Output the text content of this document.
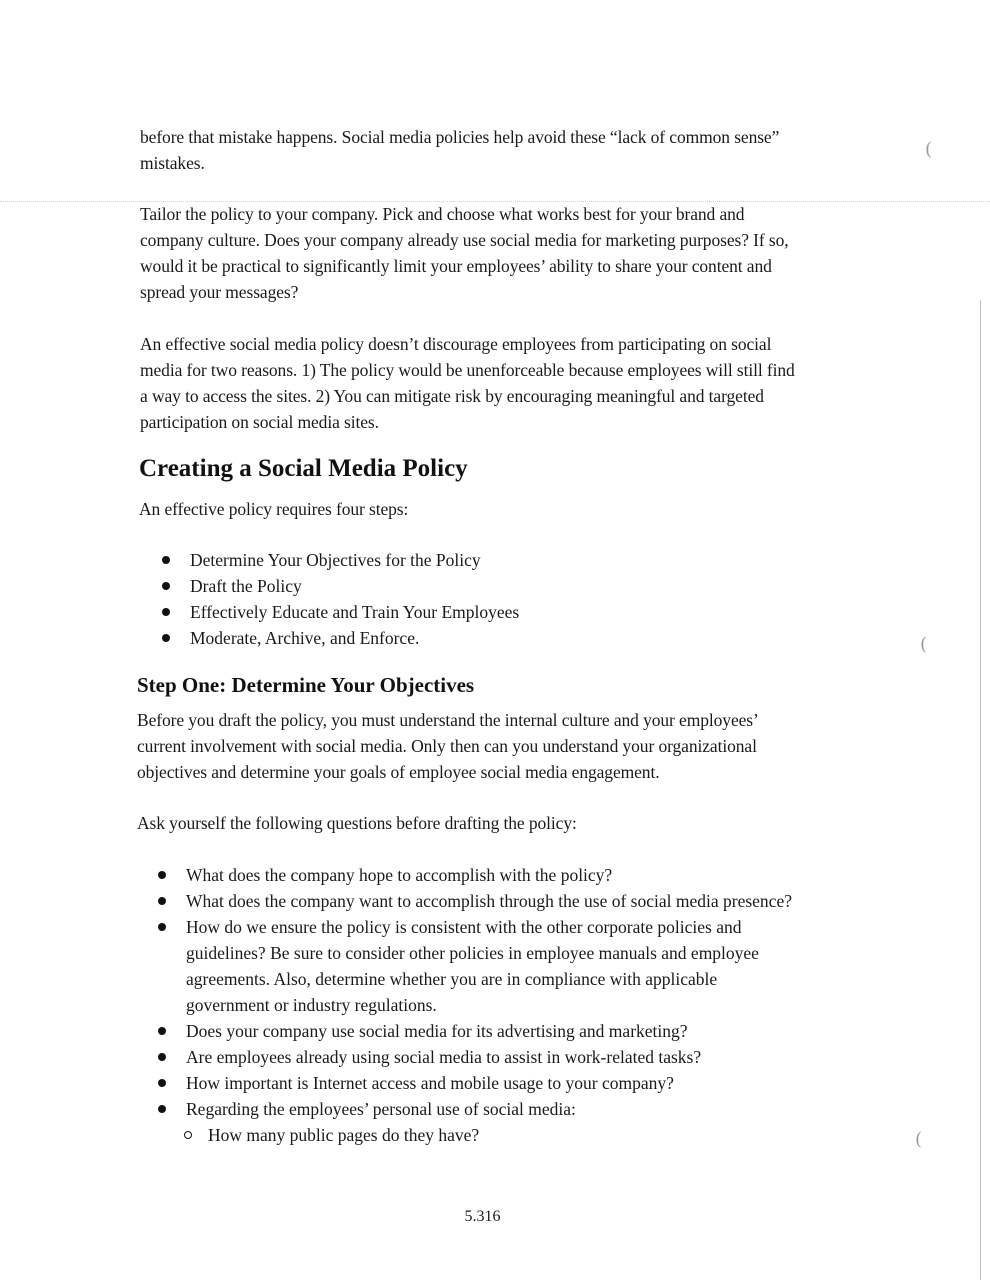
before that mistake happens. Social media policies help avoid these “lack of common sense”
mistakes.

Tailor the policy to your company. Pick and choose what works best for your brand and
company culture. Does your company already use social media for marketing purposes? If so,
would it be practical to significantly limit your employees’ ability to share your content and
spread your messages?

An effective social media policy doesn’t discourage employees from participating on social
media for two reasons. 1) The policy would be unenforceable because employees will still find
a way to access the sites. 2) You can mitigate risk by encouraging meaningful and targeted
participation on social media sites.

Creating a Social Media Policy

An effective policy requires four steps:

Determine Your Objectives for the Policy
Draft the Policy
Effectively Educate and Train Your Employees
Moderate, Archive, and Enforce.
Step One: Determine Your Objectives

Before you draft the policy, you must understand the internal culture and your employees’
current involvement with social media. Only then can you understand your organizational
objectives and determine your goals of employee social media engagement.

Ask yourself the following questions before drafting the policy:

What does the company hope to accomplish with the policy?
What does the company want to accomplish through the use of social media presence?
How do we ensure the policy is consistent with the other corporate policies and
guidelines? Be sure to consider other policies in employee manuals and employee
agreements. Also, determine whether you are in compliance with applicable
government or industry regulations.
Does your company use social media for its advertising and marketing?
Are employees already using social media to assist in work-related tasks?
How important is Internet access and mobile usage to your company?
Regarding the employees’ personal use of social media:
How many public pages do they have?
(
(
(
5.316
